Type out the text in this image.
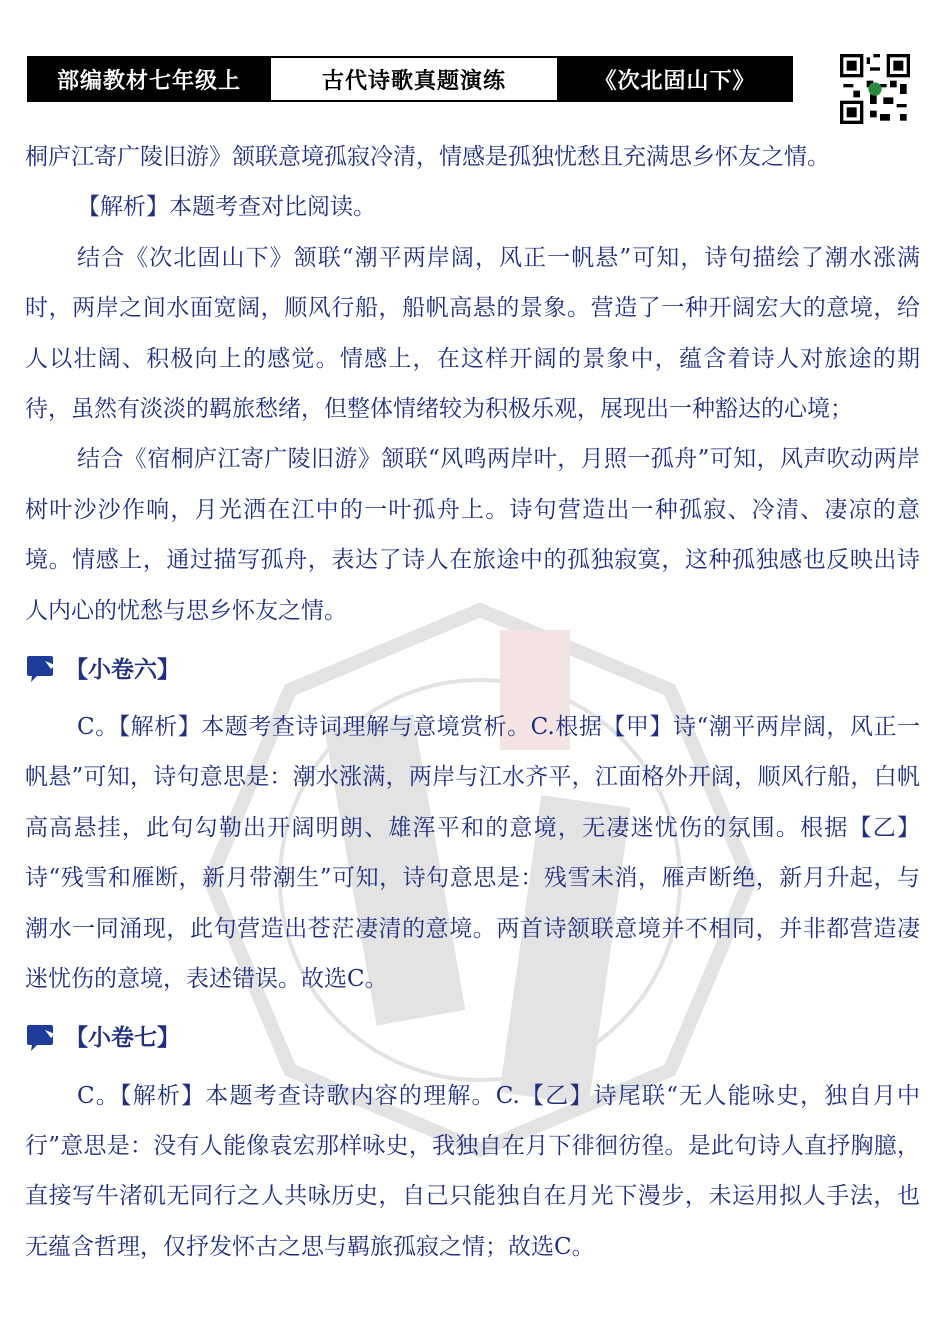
部编教材七年级上	古代诗歌真题演练	《次北固山下》

桐庐江寄广陵旧游》颔联意境孤寂冷清，情感是孤独忧愁且充满思乡怀友之情。

【解析】本题考查对比阅读。

结合《次北固山下》颔联“潮平两岸阔，风正一帆悬”可知，诗句描绘了潮水涨满时，两岸之间水面宽阔，顺风行船，船帆高悬的景象。营造了一种开阔宏大的意境，给人以壮阔、积极向上的感觉。情感上，在这样开阔的景象中，蕴含着诗人对旅途的期待，虽然有淡淡的羁旅愁绪，但整体情绪较为积极乐观，展现出一种豁达的心境；

结合《宿桐庐江寄广陵旧游》颔联“风鸣两岸叶，月照一孤舟”可知，风声吹动两岸树叶沙沙作响，月光洒在江中的一叶孤舟上。诗句营造出一种孤寂、冷清、凄凉的意境。情感上，通过描写孤舟，表达了诗人在旅途中的孤独寂寞，这种孤独感也反映出诗人内心的忧愁与思乡怀友之情。

【小卷六】

C。【解析】本题考查诗词理解与意境赏析。C.根据【甲】诗“潮平两岸阔，风正一帆悬”可知，诗句意思是：潮水涨满，两岸与江水齐平，江面格外开阔，顺风行船，白帆高高悬挂，此句勾勒出开阔明朗、雄浑平和的意境，无凄迷忧伤的氛围。根据【乙】诗“残雪和雁断，新月带潮生”可知，诗句意思是：残雪未消，雁声断绝，新月升起，与潮水一同涌现，此句营造出苍茫凄清的意境。两首诗颔联意境并不相同，并非都营造凄迷忧伤的意境，表述错误。故选C。

【小卷七】

C。【解析】本题考查诗歌内容的理解。C.【乙】诗尾联“无人能咏史，独自月中行”意思是：没有人能像袁宏那样咏史，我独自在月下徘徊彷徨。是此句诗人直抒胸臆，直接写牛渚矶无同行之人共咏历史，自己只能独自在月光下漫步，未运用拟人手法，也无蕴含哲理，仅抒发怀古之思与羁旅孤寂之情；故选C。
